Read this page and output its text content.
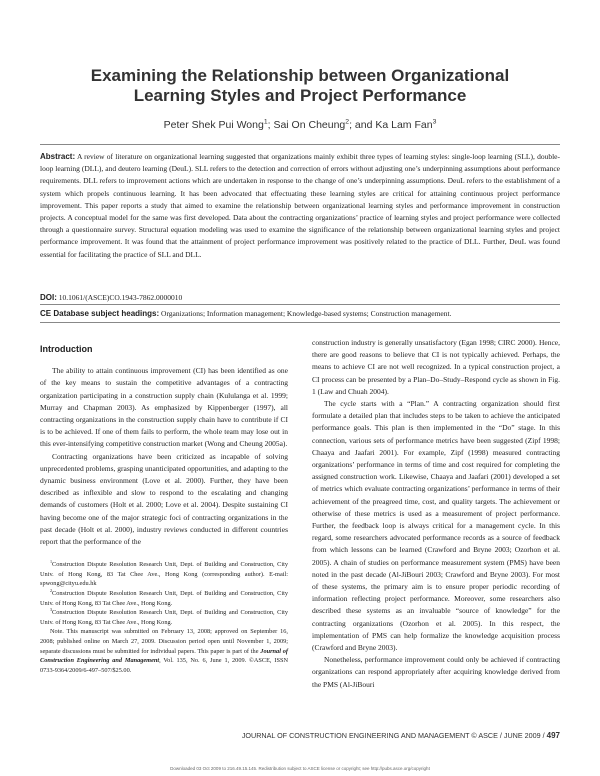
Examining the Relationship between Organizational
Learning Styles and Project Performance
Peter Shek Pui Wong$^1$; Sai On Cheung$^2$; and Ka Lam Fan$^3$
Abstract: A review of literature on organizational learning suggested that organizations mainly exhibit three types of learning styles: single-loop learning (SLL), double-loop learning (DLL), and deutero learning (DeuL). SLL refers to the detection and correction of errors without adjusting one’s underpinning assumptions about performance requirements. DLL refers to improvement actions which are undertaken in response to the change of one’s underpinning assumptions. DeuL refers to the establishment of a system which propels continuous learning. It has been advocated that effectuating these learning styles are critical for attaining continuous project performance improvement. This paper reports a study that aimed to examine the relationship between organizational learning styles and performance improvement in construction projects. A conceptual model for the same was first developed. Data about the contracting organizations’ practice of learning styles and project performance were collected through a questionnaire survey. Structural equation modeling was used to examine the significance of the relationship between organizational learning styles and project performance improvement. It was found that the attainment of project performance improvement was positively related to the practice of DLL. Further, DeuL was found essential for facilitating the practice of SLL and DLL.
DOI: 10.1061/(ASCE)CO.1943-7862.0000010
CE Database subject headings: Organizations; Information management; Knowledge-based systems; Construction management.
Introduction

The ability to attain continuous improvement (CI) has been identified as one of the key means to sustain the competitive advantages of a contracting organization participating in a construction supply chain (Kululanga et al. 1999; Murray and Chapman 2003). As emphasized by Kippenberger (1997), all contracting organizations in the construction supply chain have to contribute if CI is to be achieved. If one of them fails to perform, the whole team may lose out in this ever-intensifying competitive construction market (Wong and Cheung 2005a).

Contracting organizations have been criticized as incapable of solving unprecedented problems, grasping unanticipated opportunities, and adapting to the dynamic business environment (Love et al. 2000). Further, they have been described as inflexible and slow to respond to the escalating and changing demands of customers (Holt et al. 2000; Love et al. 2004). Despite sustaining CI having become one of the major strategic foci of contracting organizations in the past decade (Holt et al. 2000), industry reviews conducted in different countries report that the performance of the

$^1$Construction Dispute Resolution Research Unit, Dept. of Building and Construction, City Univ. of Hong Kong, 83 Tat Chee Ave., Hong Kong (corresponding author). E-mail: spwong@cityu.edu.hk

$^2$Construction Dispute Resolution Research Unit, Dept. of Building and Construction, City Univ. of Hong Kong, 83 Tat Chee Ave., Hong Kong.

$^3$Construction Dispute Resolution Research Unit, Dept. of Building and Construction, City Univ. of Hong Kong, 83 Tat Chee Ave., Hong Kong.

Note. This manuscript was submitted on February 13, 2008; approved on September 16, 2008; published online on March 27, 2009. Discussion period open until November 1, 2009; separate discussions must be submitted for individual papers. This paper is part of the Journal of Construction Engineering and Management, Vol. 135, No. 6, June 1, 2009. ©ASCE, ISSN 0733-9364/2009/6-497–507/$25.00.

construction industry is generally unsatisfactory (Egan 1998; CIRC 2000). Hence, there are good reasons to believe that CI is not typically achieved. Perhaps, the means to achieve CI are not well recognized. In a typical construction project, a CI process can be presented by a Plan–Do–Study–Respond cycle as shown in Fig. 1 (Law and Chuah 2004).

The cycle starts with a “Plan.” A contracting organization should first formulate a detailed plan that includes steps to be taken to achieve the anticipated performance goals. This plan is then implemented in the “Do” stage. In this connection, various sets of performance metrics have been suggested (Zipf 1998; Chaaya and Jaafari 2001). For example, Zipf (1998) measured contracting organizations’ performance in terms of time and cost required for completing the assigned construction work. Likewise, Chaaya and Jaafari (2001) developed a set of metrics which evaluate contracting organizations’ performance in terms of their achievement of the preagreed time, cost, and quality targets. The achievement or otherwise of these metrics is used as a measurement of project performance. Further, the feedback loop is always critical for a management cycle. In this regard, some researchers advocated performance records as a source of feedback from which lessons can be learned (Crawford and Bryne 2003; Ozorhon et al. 2005). A chain of studies on performance measurement system (PMS) have been noted in the past decade (Al-JiBouri 2003; Crawford and Bryne 2003). For most of these systems, the primary aim is to ensure proper periodic recording of information reflecting project performance. Moreover, some researchers also described these systems as an invaluable “source of knowledge” for the contracting organizations (Ozorhon et al. 2005). In this respect, the implementation of PMS can help formalize the knowledge acquisition process (Crawford and Bryne 2003).

Nonetheless, performance improvement could only be achieved if contracting organizations can respond appropriately after acquiring knowledge derived from the PMS (Al-JiBouri

JOURNAL OF CONSTRUCTION ENGINEERING AND MANAGEMENT © ASCE / JUNE 2009 / 497
Downloaded 03 Oct 2009 to 216.49.15.145. Redistribution subject to ASCE license or copyright; see http://pubs.asce.org/copyright
